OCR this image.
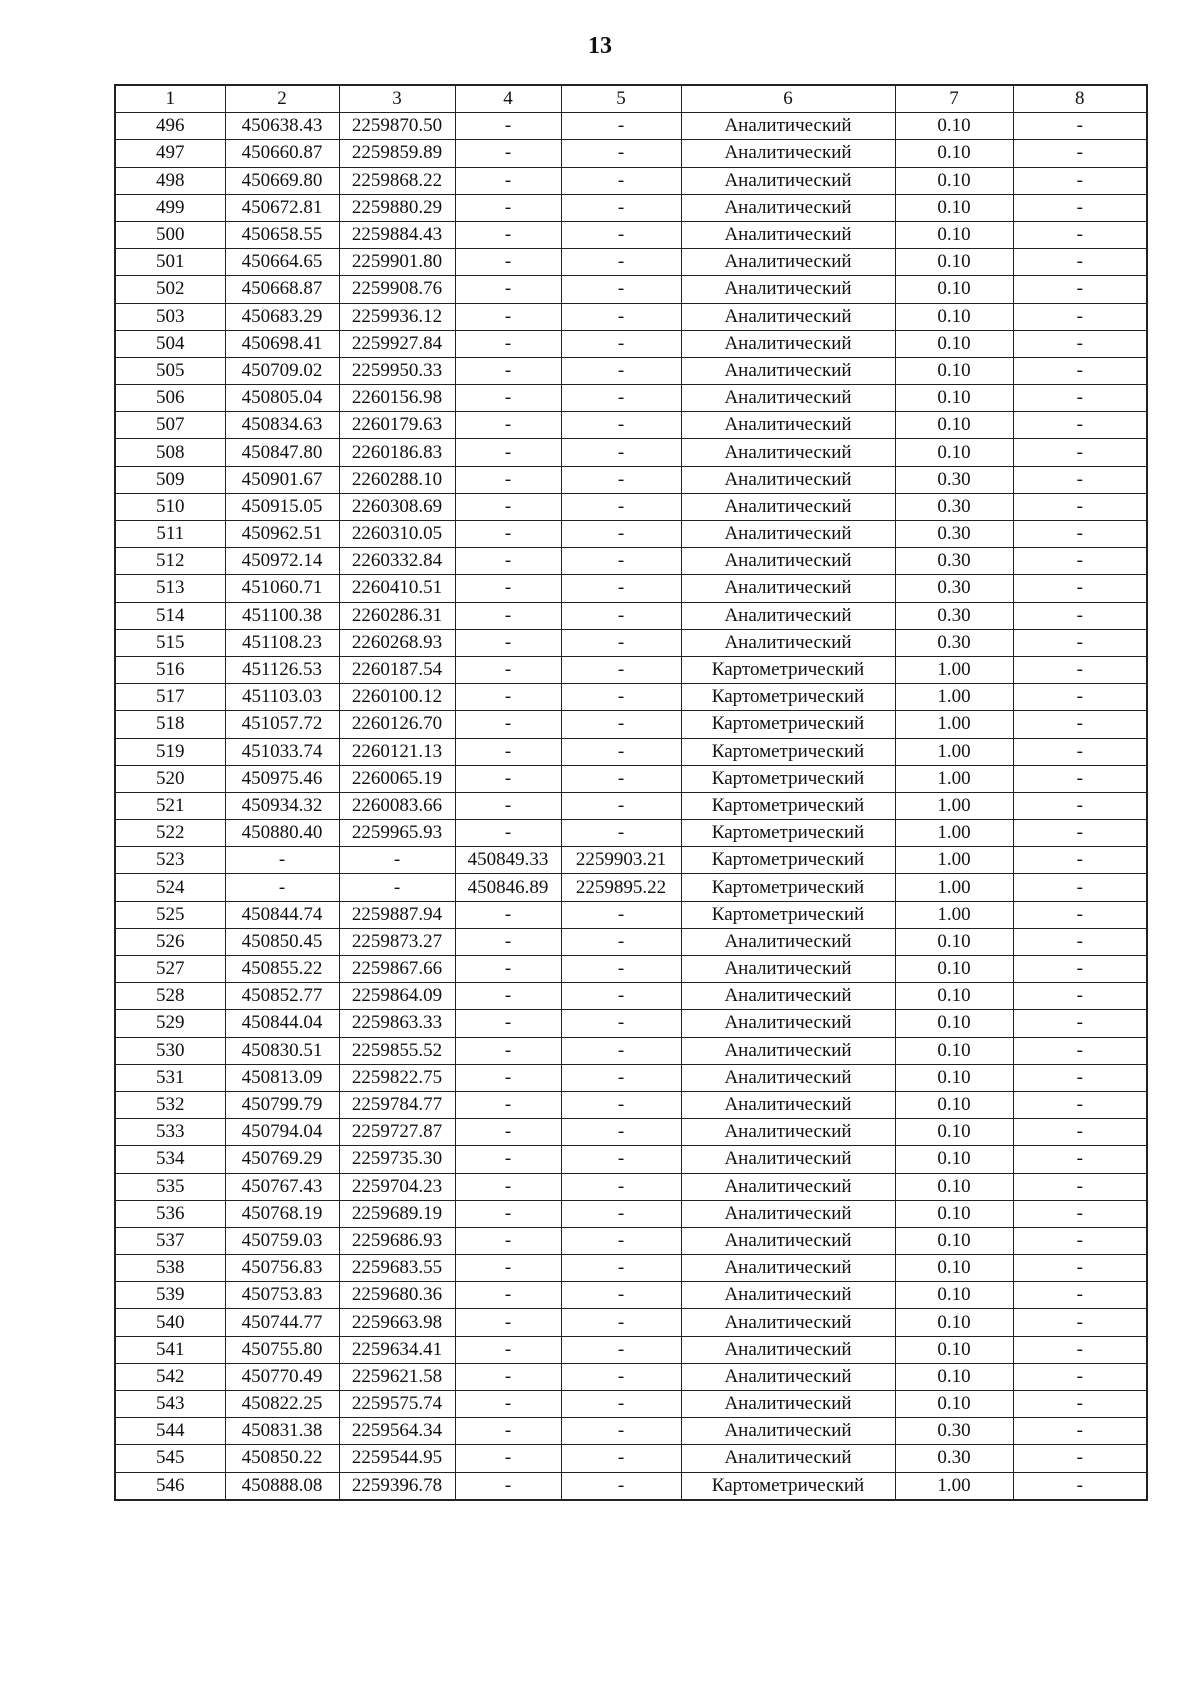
13
1	2	3	4	5	6	7	8
496	450638.43	2259870.50	-	-	Аналитический	0.10	-
497	450660.87	2259859.89	-	-	Аналитический	0.10	-
498	450669.80	2259868.22	-	-	Аналитический	0.10	-
499	450672.81	2259880.29	-	-	Аналитический	0.10	-
500	450658.55	2259884.43	-	-	Аналитический	0.10	-
501	450664.65	2259901.80	-	-	Аналитический	0.10	-
502	450668.87	2259908.76	-	-	Аналитический	0.10	-
503	450683.29	2259936.12	-	-	Аналитический	0.10	-
504	450698.41	2259927.84	-	-	Аналитический	0.10	-
505	450709.02	2259950.33	-	-	Аналитический	0.10	-
506	450805.04	2260156.98	-	-	Аналитический	0.10	-
507	450834.63	2260179.63	-	-	Аналитический	0.10	-
508	450847.80	2260186.83	-	-	Аналитический	0.10	-
509	450901.67	2260288.10	-	-	Аналитический	0.30	-
510	450915.05	2260308.69	-	-	Аналитический	0.30	-
511	450962.51	2260310.05	-	-	Аналитический	0.30	-
512	450972.14	2260332.84	-	-	Аналитический	0.30	-
513	451060.71	2260410.51	-	-	Аналитический	0.30	-
514	451100.38	2260286.31	-	-	Аналитический	0.30	-
515	451108.23	2260268.93	-	-	Аналитический	0.30	-
516	451126.53	2260187.54	-	-	Картометрический	1.00	-
517	451103.03	2260100.12	-	-	Картометрический	1.00	-
518	451057.72	2260126.70	-	-	Картометрический	1.00	-
519	451033.74	2260121.13	-	-	Картометрический	1.00	-
520	450975.46	2260065.19	-	-	Картометрический	1.00	-
521	450934.32	2260083.66	-	-	Картометрический	1.00	-
522	450880.40	2259965.93	-	-	Картометрический	1.00	-
523	-	-	450849.33	2259903.21	Картометрический	1.00	-
524	-	-	450846.89	2259895.22	Картометрический	1.00	-
525	450844.74	2259887.94	-	-	Картометрический	1.00	-
526	450850.45	2259873.27	-	-	Аналитический	0.10	-
527	450855.22	2259867.66	-	-	Аналитический	0.10	-
528	450852.77	2259864.09	-	-	Аналитический	0.10	-
529	450844.04	2259863.33	-	-	Аналитический	0.10	-
530	450830.51	2259855.52	-	-	Аналитический	0.10	-
531	450813.09	2259822.75	-	-	Аналитический	0.10	-
532	450799.79	2259784.77	-	-	Аналитический	0.10	-
533	450794.04	2259727.87	-	-	Аналитический	0.10	-
534	450769.29	2259735.30	-	-	Аналитический	0.10	-
535	450767.43	2259704.23	-	-	Аналитический	0.10	-
536	450768.19	2259689.19	-	-	Аналитический	0.10	-
537	450759.03	2259686.93	-	-	Аналитический	0.10	-
538	450756.83	2259683.55	-	-	Аналитический	0.10	-
539	450753.83	2259680.36	-	-	Аналитический	0.10	-
540	450744.77	2259663.98	-	-	Аналитический	0.10	-
541	450755.80	2259634.41	-	-	Аналитический	0.10	-
542	450770.49	2259621.58	-	-	Аналитический	0.10	-
543	450822.25	2259575.74	-	-	Аналитический	0.10	-
544	450831.38	2259564.34	-	-	Аналитический	0.30	-
545	450850.22	2259544.95	-	-	Аналитический	0.30	-
546	450888.08	2259396.78	-	-	Картометрический	1.00	-
